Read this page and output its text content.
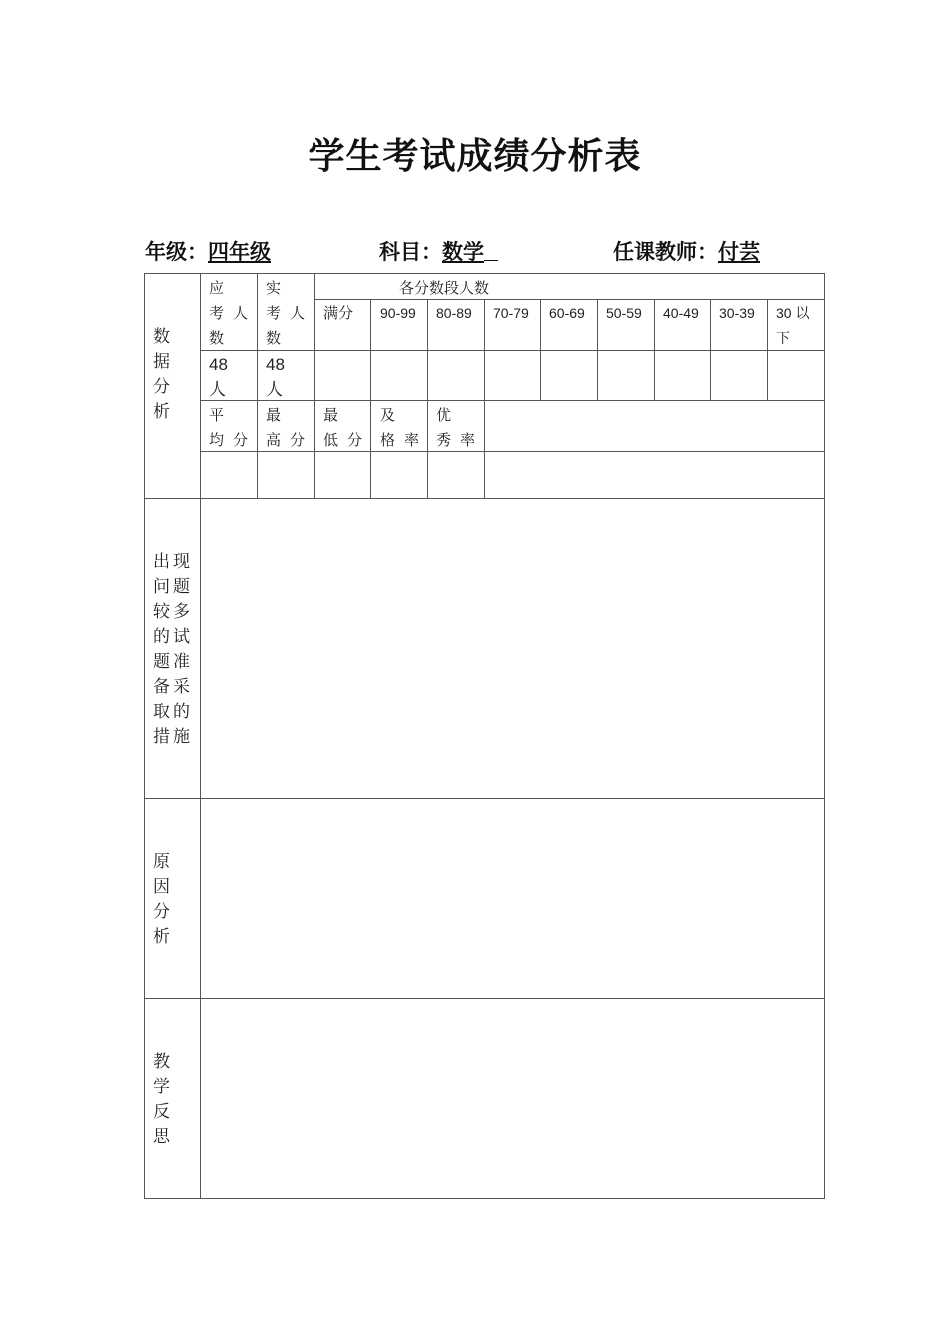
学生考试成绩分析表
年级：四年级	科目：数学	任课教师：付芸
数据分析
出现问题较多的试题准备采取的措施
原因分析
教学反思
应 考人数
实 考人数
各分数段人数
满分 90-99 80-89 70-79 60-69 50-59 40-49 30-39 30 以下
48人
48人
平 均分
最 高分
最 低分
及 格率
优 秀率
